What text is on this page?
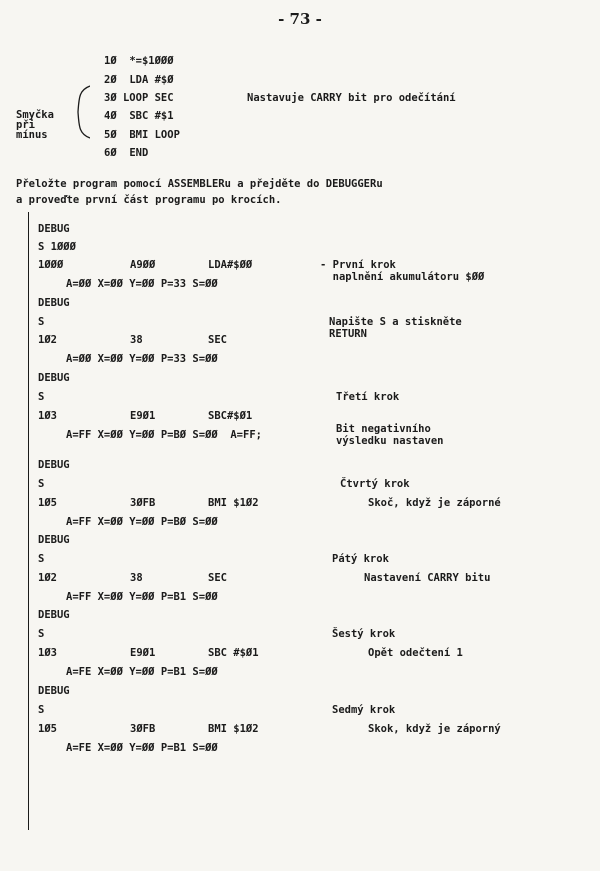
- 73 -
1Ø *=$1ØØØ
2Ø LDA #$Ø
3Ø LOOP SEC
4Ø SBC #$1
5Ø BMI LOOP
6Ø END
Nastavuje CARRY bit pro odečítání
Smyčka
při
mínus
Přeložte program pomocí ASSEMBLERu a přejděte do DEBUGGERu
a proveďte první část programu po krocích.
DEBUG
S 1ØØØ
1ØØØ	A9ØØ	LDA#$ØØ
A=ØØ X=ØØ Y=ØØ P=33 S=ØØ
- První krok
naplnění akumulátoru $ØØ
DEBUG
S
1Ø2	38	SEC
A=ØØ X=ØØ Y=ØØ P=33 S=ØØ
Napište S a stiskněte
RETURN
DEBUG
S
1Ø3	E9Ø1	SBC#$Ø1
A=FF X=ØØ Y=ØØ P=BØ S=ØØ  A=FF;
Třetí krok
Bit negativního
výsledku nastaven
DEBUG
S
1Ø5	3ØFB	BMI $1Ø2
A=FF X=ØØ Y=ØØ P=BØ S=ØØ
Čtvrtý krok
Skoč, když je záporné
DEBUG
S
1Ø2	38	SEC
A=FF X=ØØ Y=ØØ P=B1 S=ØØ
Pátý krok
Nastavení CARRY bitu
DEBUG
S
1Ø3	E9Ø1	SBC #$Ø1
A=FE X=ØØ Y=ØØ P=B1 S=ØØ
Šestý krok
Opět odečtení 1
DEBUG
S
1Ø5	3ØFB	BMI $1Ø2
A=FE X=ØØ Y=ØØ P=B1 S=ØØ
Sedmý krok
Skok, když je záporný
